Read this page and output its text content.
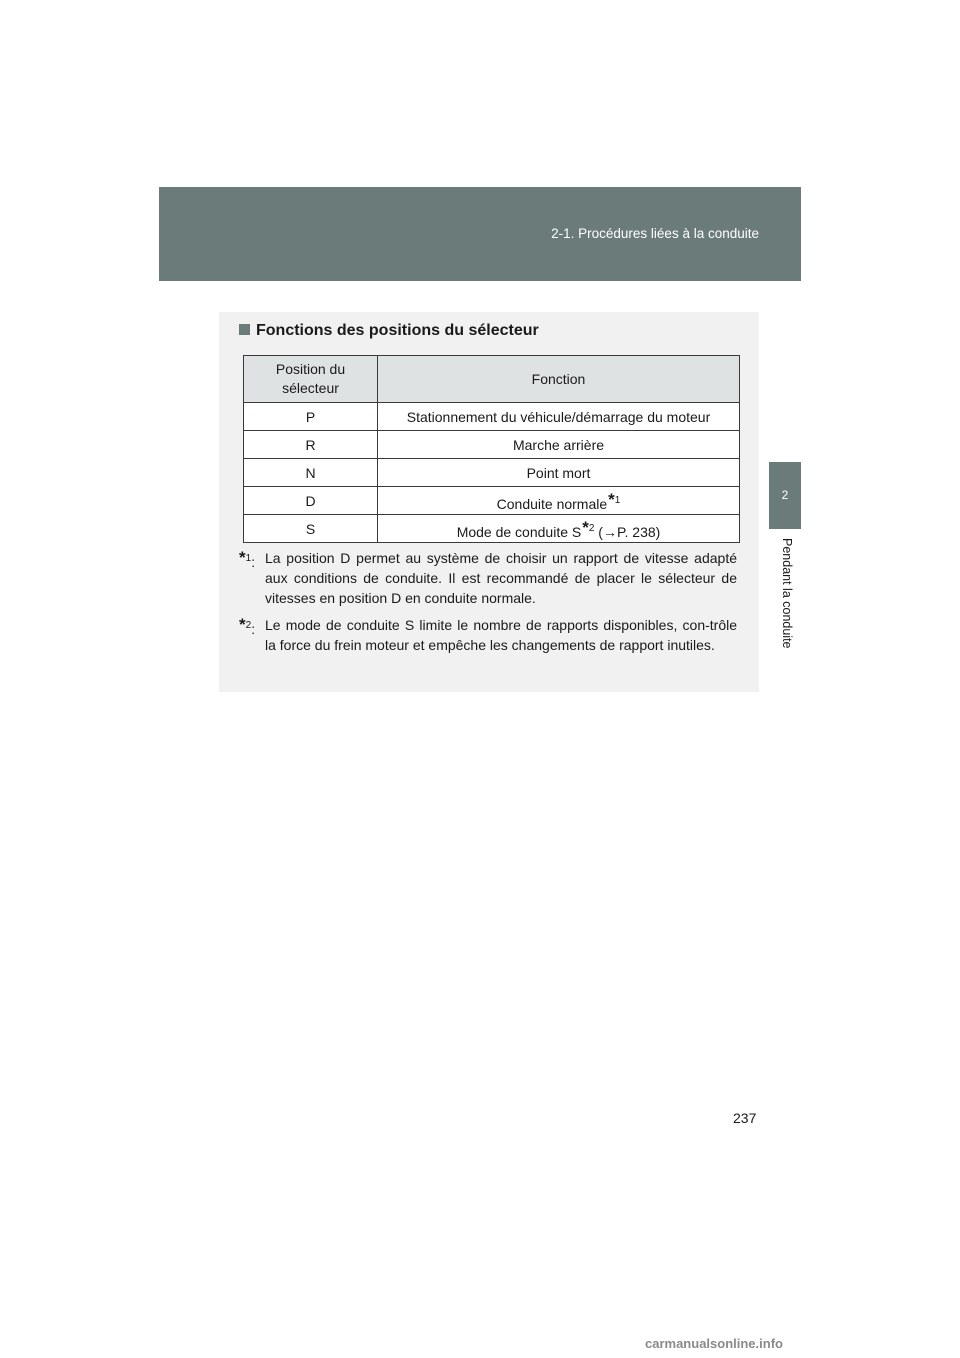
2-1. Procédures liées à la conduite
2
Pendant la conduite
Fonctions des positions du sélecteur
Position du sélecteur	Fonction
P	Stationnement du véhicule/démarrage du moteur
R	Marche arrière
N	Point mort
D	Conduite normale*$^1$
S	Mode de conduite S*$^2$ (→P. 238)
*$^1$: La position D permet au système de choisir un rapport de vitesse adapté aux conditions de conduite. Il est recommandé de placer le sélecteur de vitesses en position D en conduite normale.
*$^2$: Le mode de conduite S limite le nombre de rapports disponibles, con-trôle la force du frein moteur et empêche les changements de rapport inutiles.
237
carmanualsonline.info
